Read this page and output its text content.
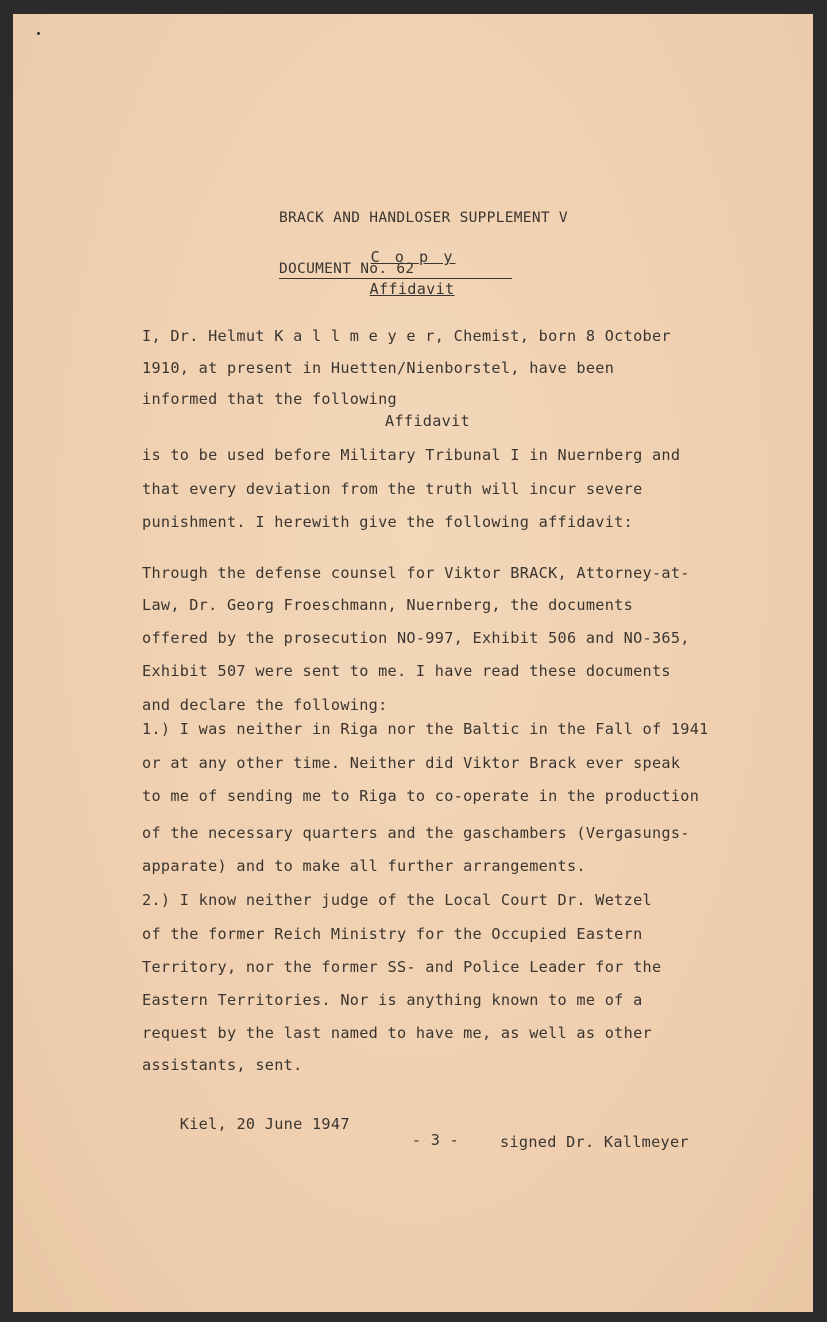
BRACK AND HANDLOSER SUPPLEMENT V

DOCUMENT No. 62

C o p y
Affidavit
I, Dr. Helmut K a l l m e y e r, Chemist, born 8 October
1910, at present in Huetten/Nienborstel, have been
informed that the following
Affidavit
is to be used before Military Tribunal I in Nuernberg and
that every deviation from the truth will incur severe
punishment. I herewith give the following affidavit:
Through the defense counsel for Viktor BRACK, Attorney-at-
Law, Dr. Georg Froeschmann, Nuernberg, the documents
offered by the prosecution NO-997, Exhibit 506 and NO-365,
Exhibit 507 were sent to me. I have read these documents
and declare the following:
1.) I was neither in Riga nor the Baltic in the Fall of 1941
or at any other time. Neither did Viktor Brack ever speak
to me of sending me to Riga to co-operate in the production
of the necessary quarters and the gaschambers (Vergasungs-
apparate) and to make all further arrangements.
2.) I know neither judge of the Local Court Dr. Wetzel
of the former Reich Ministry for the Occupied Eastern
Territory, nor the former SS- and Police Leader for the
Eastern Territories. Nor is anything known to me of a
request by the last named to have me, as well as other
assistants, sent.

Kiel, 20 June 1947

signed Dr. Kallmeyer

- 3 -
